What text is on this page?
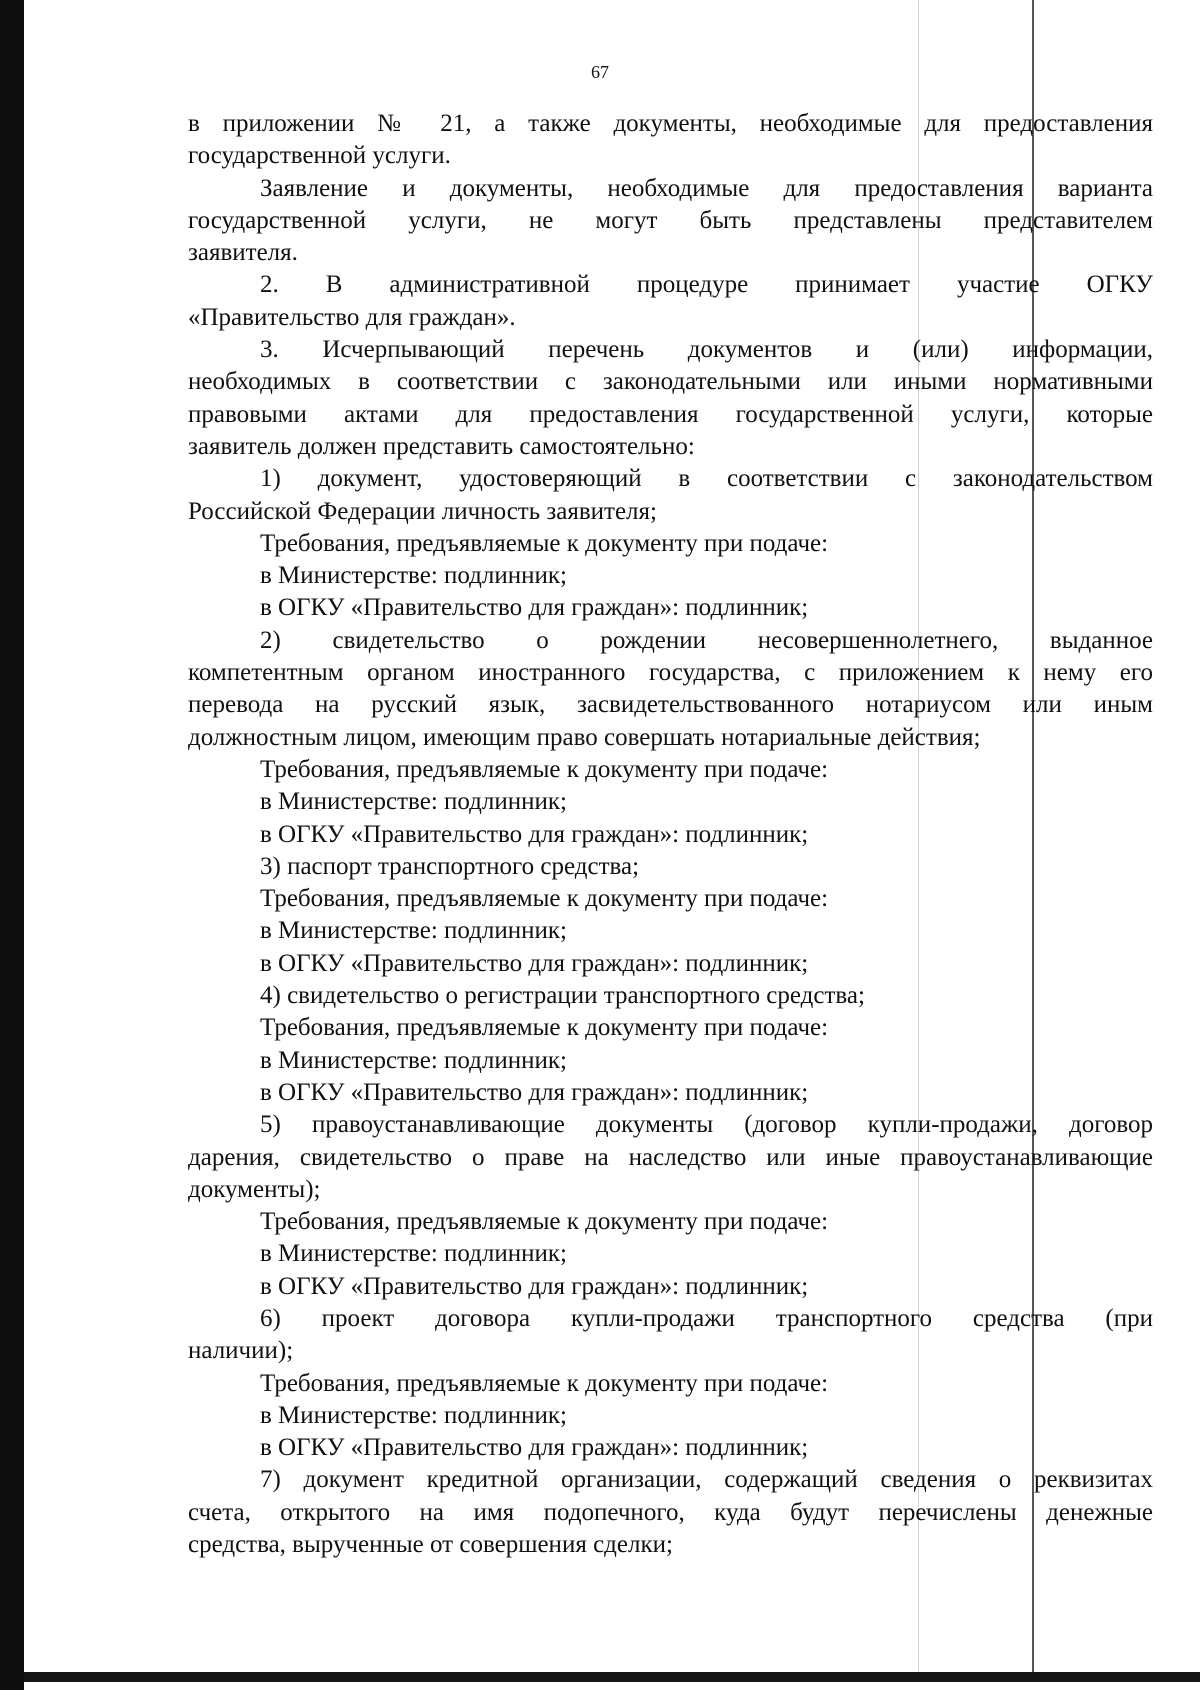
67
в приложении № 21, а также документы, необходимые для предоставления
государственной услуги.
Заявление и документы, необходимые для предоставления варианта
государственной услуги, не могут быть представлены представителем
заявителя.
2. В административной процедуре принимает участие ОГКУ
«Правительство для граждан».
3. Исчерпывающий перечень документов и (или) информации,
необходимых в соответствии с законодательными или иными нормативными
правовыми актами для предоставления государственной услуги, которые
заявитель должен представить самостоятельно:
1) документ, удостоверяющий в соответствии с законодательством
Российской Федерации личность заявителя;
Требования, предъявляемые к документу при подаче:
в Министерстве: подлинник;
в ОГКУ «Правительство для граждан»: подлинник;
2) свидетельство о рождении несовершеннолетнего, выданное
компетентным органом иностранного государства, с приложением к нему его
перевода на русский язык, засвидетельствованного нотариусом или иным
должностным лицом, имеющим право совершать нотариальные действия;
Требования, предъявляемые к документу при подаче:
в Министерстве: подлинник;
в ОГКУ «Правительство для граждан»: подлинник;
3) паспорт транспортного средства;
Требования, предъявляемые к документу при подаче:
в Министерстве: подлинник;
в ОГКУ «Правительство для граждан»: подлинник;
4) свидетельство о регистрации транспортного средства;
Требования, предъявляемые к документу при подаче:
в Министерстве: подлинник;
в ОГКУ «Правительство для граждан»: подлинник;
5) правоустанавливающие документы (договор купли-продажи, договор
дарения, свидетельство о праве на наследство или иные правоустанавливающие
документы);
Требования, предъявляемые к документу при подаче:
в Министерстве: подлинник;
в ОГКУ «Правительство для граждан»: подлинник;
6) проект договора купли-продажи транспортного средства (при
наличии);
Требования, предъявляемые к документу при подаче:
в Министерстве: подлинник;
в ОГКУ «Правительство для граждан»: подлинник;
7) документ кредитной организации, содержащий сведения о реквизитах
счета, открытого на имя подопечного, куда будут перечислены денежные
средства, вырученные от совершения сделки;
